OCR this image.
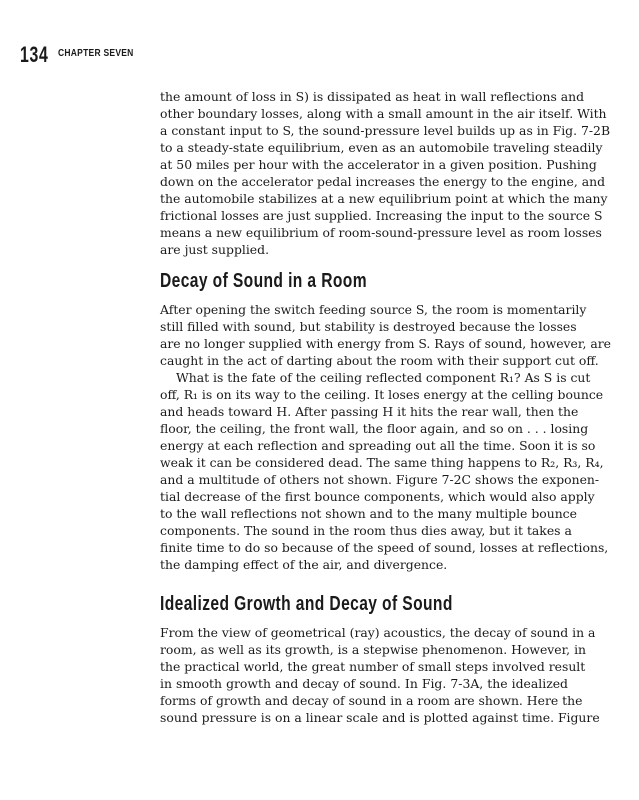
134 CHAPTER SEVEN
the amount of loss in S) is dissipated as heat in wall reflections and
other boundary losses, along with a small amount in the air itself. With
a constant input to S, the sound-pressure level builds up as in Fig. 7-2B
to a steady-state equilibrium, even as an automobile traveling steadily
at 50 miles per hour with the accelerator in a given position. Pushing
down on the accelerator pedal increases the energy to the engine, and
the automobile stabilizes at a new equilibrium point at which the many
frictional losses are just supplied. Increasing the input to the source S
means a new equilibrium of room-sound-pressure level as room losses
are just supplied.
Decay of Sound in a Room
After opening the switch feeding source S, the room is momentarily
still filled with sound, but stability is destroyed because the losses
are no longer supplied with energy from S. Rays of sound, however, are
caught in the act of darting about the room with their support cut off.
What is the fate of the ceiling reflected component R₁? As S is cut
off, R₁ is on its way to the ceiling. It loses energy at the celling bounce
and heads toward H. After passing H it hits the rear wall, then the
floor, the ceiling, the front wall, the floor again, and so on . . . losing
energy at each reflection and spreading out all the time. Soon it is so
weak it can be considered dead. The same thing happens to R₂, R₃, R₄,
and a multitude of others not shown. Figure 7-2C shows the exponen-
tial decrease of the first bounce components, which would also apply
to the wall reflections not shown and to the many multiple bounce
components. The sound in the room thus dies away, but it takes a
finite time to do so because of the speed of sound, losses at reflections,
the damping effect of the air, and divergence.
Idealized Growth and Decay of Sound
From the view of geometrical (ray) acoustics, the decay of sound in a
room, as well as its growth, is a stepwise phenomenon. However, in
the practical world, the great number of small steps involved result
in smooth growth and decay of sound. In Fig. 7-3A, the idealized
forms of growth and decay of sound in a room are shown. Here the
sound pressure is on a linear scale and is plotted against time. Figure
